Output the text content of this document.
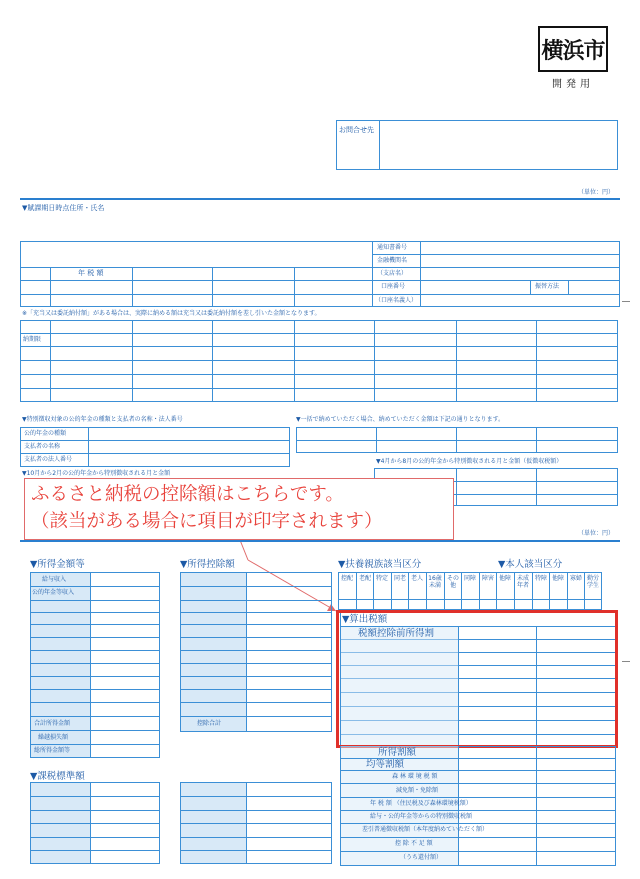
横浜市
開発用
お問合せ先
（単位：円）
▼賦課期日時点住所・氏名
通知書番号
金融機関名
（支店名）
口座番号
（口座名義人）
振替方法
年 税 額
※「充当又は委託納付額」がある場合は、実際に納める額は充当又は委託納付額を差し引いた金額となります。
納期限
▼特別徴収対象の公的年金の種類と支払者の名称・法人番号	▼一括で納めていただく場合、納めていただく金額は下記の通りとなります。
公的年金の種類
支払者の名称
支払者の法人番号
▼10月から2月の公的年金から特別徴収される月と金額
▼4月から8月の公的年金から特別徴収される月と金額（仮徴収税額）
ふるさと納税の控除額はこちらです。
（該当がある場合に項目が印字されます）
（単位：円）
▼所得金額等
給与収入
公的年金等収入
合計所得金額
繰越損失額
総所得金額等
▼所得控除額
控除合計
▼扶養親族該当区分	▼本人該当区分
控配 老配 特定 同老 老人 16歳未満
その他
同障 障害 他障 未成年者
特障 他障 寡婦 勤労学生
▼算出税額
税額控除前所得割
所得割額
均等割額
森 林 環 境 税 額
減免額・免除額
年 税 額 （住民税及び森林環境税額）
給与・公的年金等からの特別徴収税額
差引普通徴収税額（本年度納めていただく額）
控 除 不 足 額
（うち還付額）
▼課税標準額
